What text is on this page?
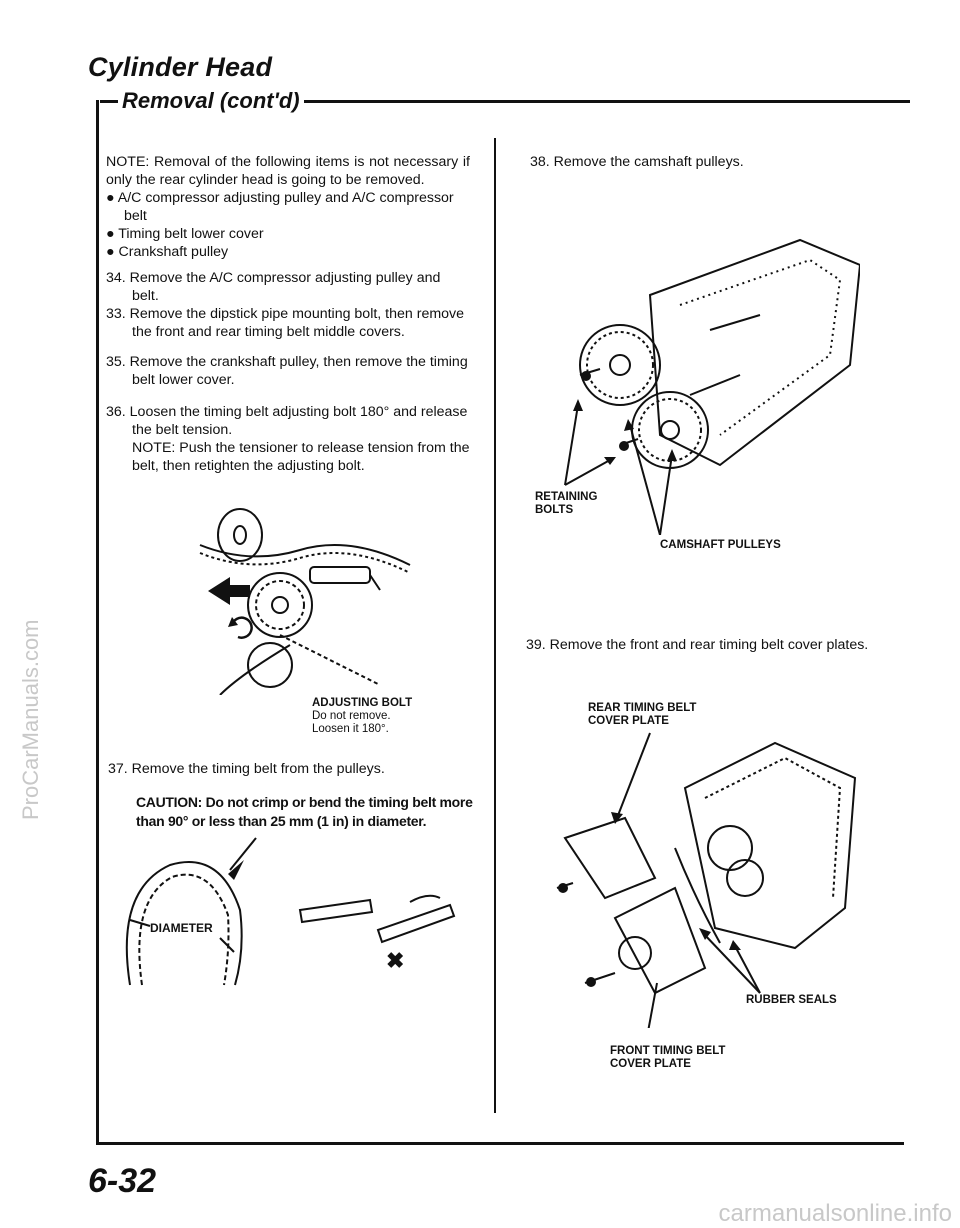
Cylinder Head
Removal (cont'd)

NOTE: Removal of the following items is not necessary if only the rear cylinder head is going to be removed.

● A/C compressor adjusting pulley and A/C compressor belt

● Timing belt lower cover

● Crankshaft pulley

34. Remove the A/C compressor adjusting pulley and belt.

33. Remove the dipstick pipe mounting bolt, then remove the front and rear timing belt middle covers.

35. Remove the crankshaft pulley, then remove the timing belt lower cover.

36. Loosen the timing belt adjusting bolt 180° and release the belt tension.

NOTE: Push the tensioner to release tension from the belt, then retighten the adjusting bolt.

ADJUSTING BOLT
Do not remove.
Loosen it 180°.
37. Remove the timing belt from the pulleys.
CAUTION: Do not crimp or bend the timing belt more than 90° or less than 25 mm (1 in) in diameter.
DIAMETER
✖
38. Remove the camshaft pulleys.
RETAINING
BOLTS
CAMSHAFT PULLEYS
39. Remove the front and rear timing belt cover plates.
REAR TIMING BELT
COVER PLATE
RUBBER SEALS
FRONT TIMING BELT
COVER PLATE
6-32
carmanualsonline.info
ProCarManuals.com
